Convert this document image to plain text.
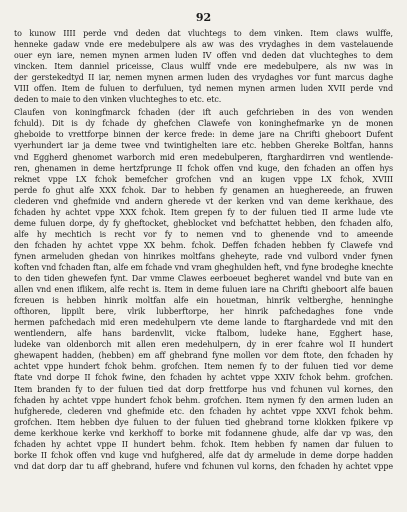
92
to kunow IIII perde vnd deden dat vluchtegs to dem vinken. Item claws wulffe,
henneke gadaw vnde ere medebulpere als aw was des vrydaghes in dem vastelauende
ouer eyn iare, nemen mynen armen luden IV offen vnd deden dat vluchteghes to dem
vincken. Item danniel priceisse, Claus wulff vnde ere medebulpere, als nw was in
der gerstekedtyd II iar, nemen mynen armen luden des vrydaghes vor funt marcus daghe
VIII offen. Item de fuluen to derfuluen, tyd nemen mynen armen luden XVII perde vnd
deden to maie to den vinken vluchteghes to etc. etc.
Claufen von koningfmarck fchaden (der ift auch gefchrieben in des von wenden
fchuld). Dit is dy fchade dy ghefchen Clawefe von koninghefmarke yn de monen
gheboide to vrettforpe binnen der kerce frede: in deme jare na Chrifti gheboort Dufent
vyerhundert iar ja deme twee vnd twintighelten iare etc. hebben Ghereke Boltfan, hanns
vnd Eggherd ghenomet warborch mid eren medebulperen, ftarghardirren vnd wentlende-
ren, ghenamen in deme hertzfprunge II fchok offen vnd kuge, den fchaden an offen hys
reknet vppe LX fchok bemefcher grofchen vnd an kugen vppe LX fchok, XVIII
perde fo ghut alfe XXX fchok. Dar to hebben fy genamen an hueghereede, an fruwen
clederen vnd ghefmide vnd andern gherede vt der kerken vnd van deme kerkhaue, des
fchaden hy achtet vppe XXX fchok. Item grepen fy to der fuluen tied II arme lude vte
deme fuluen dorpe, dy fy gheftocket, gheblocket vnd befchattet hebben, den fchaden alfo,
alfe hy mechtich is recht vor fy to nemen vnd to ghenende vnd to ameende
den fchaden hy achtet vppe XX behm. fchok. Deffen fchaden hebben fy Clawefe vnd
fynen armeluden ghedan von hinrikes moltfans gheheyte, rade vnd vulbord vnder fynen
koften vnd fchaden ftan, alfe em fchade vnd vram gheghulden heft, vnd fyne brodeghe knechte
to den tiden ghewefen fynt. Dar vmme Clawes eerboeuet begheret wandel vnd bute van en
allen vnd enen iflikem, alfe recht is. Item in deme fuluen iare na Chrifti gheboort alfe bauen
fcreuen is hebben hinrik moltfan alfe ein houetman, hinrik veltberghe, henninghe
ofthoren, lippilt bere, vlrik lubberftorpe, her hinrik pafchedaghes fone vnde
hermen pafchedach mid eren medehulpern vte deme lande to ftarghardede vnd mit den
wentlendern, alfe hans bardenvlit, vicke ftalbom, ludeke hane, Egghert hase,
ludeke van oldenborch mit allen eren medehulpern, dy in erer fcahre wol II hundert
ghewapent hadden, (hebben) em aff ghebrand fyne mollen vor dem ftote, den fchaden hy
achtet vppe hundert fchok behm. grofchen. Item nemen fy to der fuluen tied vor deme
ftate vnd dorpe II fchok fwine, den fchaden hy achtet vppe XXIV fchok behm. grofchen.
Item branden fy to der fuluen tied dat dorp frettforpe hus vnd fchunen vul kornes, den
fchaden hy achtet vppe hundert fchok behm. grofchen. Item nymen fy den armen luden an
hufgherede, clederen vnd ghefmide etc. den fchaden hy achtet vppe XXVI fchok behm.
grofchen. Item hebben dye fuluen to der fuluen tied ghebrand torne klokken fpikere vp
deme kerkhoue kerke vnd kerkhoff to borke mit fodannene ghude, alfe dar vp was, den
fchaden hy achtet vppe II hundert behm. fchok. Item hebben fy namen dar fuluen to
borke II fchok offen vnd kuge vnd hufghered, alfe dat dy armelude in deme dorpe hadden
vnd dat dorp dar tu aff ghebrand, hufere vnd fchunen vul korns, den fchaden hy achtet vppe
